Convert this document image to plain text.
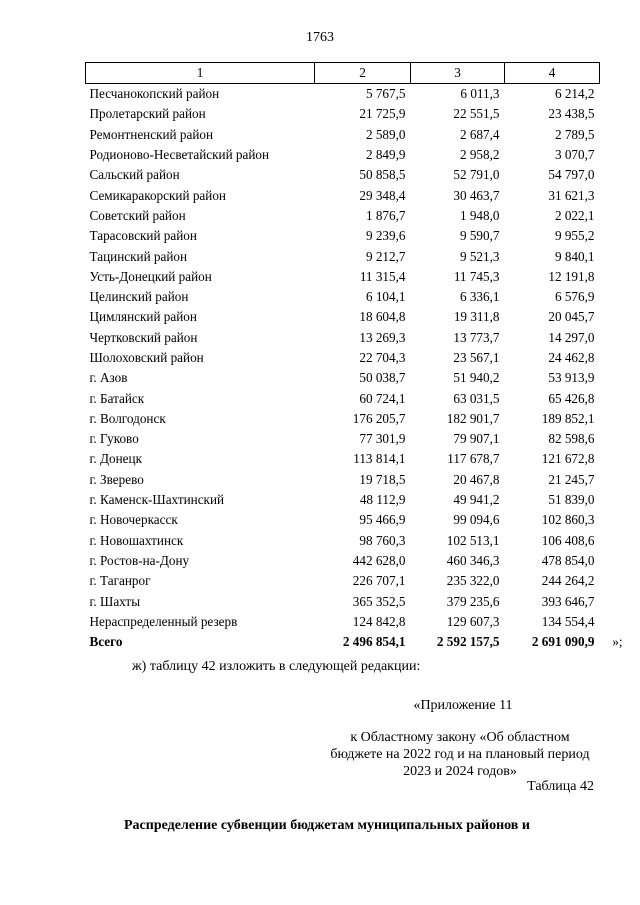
1763
1	2	3	4
Песчанокопский район	5 767,5	6 011,3	6 214,2
Пролетарский район	21 725,9	22 551,5	23 438,5
Ремонтненский район	2 589,0	2 687,4	2 789,5
Родионово-Несветайский район	2 849,9	2 958,2	3 070,7
Сальский район	50 858,5	52 791,0	54 797,0
Семикаракорский район	29 348,4	30 463,7	31 621,3
Советский район	1 876,7	1 948,0	2 022,1
Тарасовский район	9 239,6	9 590,7	9 955,2
Тацинский район	9 212,7	9 521,3	9 840,1
Усть-Донецкий район	11 315,4	11 745,3	12 191,8
Целинский район	6 104,1	6 336,1	6 576,9
Цимлянский район	18 604,8	19 311,8	20 045,7
Чертковский район	13 269,3	13 773,7	14 297,0
Шолоховский район	22 704,3	23 567,1	24 462,8
г. Азов	50 038,7	51 940,2	53 913,9
г. Батайск	60 724,1	63 031,5	65 426,8
г. Волгодонск	176 205,7	182 901,7	189 852,1
г. Гуково	77 301,9	79 907,1	82 598,6
г. Донецк	113 814,1	117 678,7	121 672,8
г. Зверево	19 718,5	20 467,8	21 245,7
г. Каменск-Шахтинский	48 112,9	49 941,2	51 839,0
г. Новочеркасск	95 466,9	99 094,6	102 860,3
г. Новошахтинск	98 760,3	102 513,1	106 408,6
г. Ростов-на-Дону	442 628,0	460 346,3	478 854,0
г. Таганрог	226 707,1	235 322,0	244 264,2
г. Шахты	365 352,5	379 235,6	393 646,7
Нераспределенный резерв	124 842,8	129 607,3	134 554,4
Всего	2 496 854,1	2 592 157,5	2 691 090,9 »;
ж) таблицу 42 изложить в следующей редакции:
«Приложение 11
к Областному закону «Об областном бюджете на 2022 год и на плановый период 2023 и 2024 годов»
Таблица 42
Распределение субвенции бюджетам муниципальных районов и
